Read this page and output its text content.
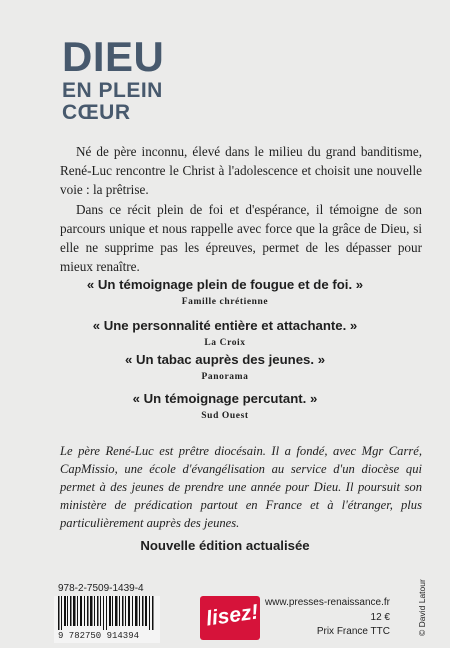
DIEU
EN PLEIN
CŒUR

Né de père inconnu, élevé dans le milieu du grand banditisme, René-Luc rencontre le Christ à l'adolescence et choisit une nouvelle voie : la prêtrise.

Dans ce récit plein de foi et d'espérance, il témoigne de son parcours unique et nous rappelle avec force que la grâce de Dieu, si elle ne supprime pas les épreuves, permet de les dépasser pour mieux renaître.

« Un témoignage plein de fougue et de foi. »

Famille chrétienne

« Une personnalité entière et attachante. »

La Croix

« Un tabac auprès des jeunes. »

Panorama

« Un témoignage percutant. »

Sud Ouest

Le père René-Luc est prêtre diocésain. Il a fondé, avec Mgr Carré, CapMissio, une école d'évangélisation au service d'un diocèse qui permet à des jeunes de prendre une année pour Dieu. Il poursuit son ministère de prédication partout en France et à l'étranger, plus particulièrement auprès des jeunes.

Nouvelle édition actualisée

978-2-7509-1439-4
9 782750 914394
lisez! www.presses-renaissance.fr
12 €
Prix France TTC	© David Latour
